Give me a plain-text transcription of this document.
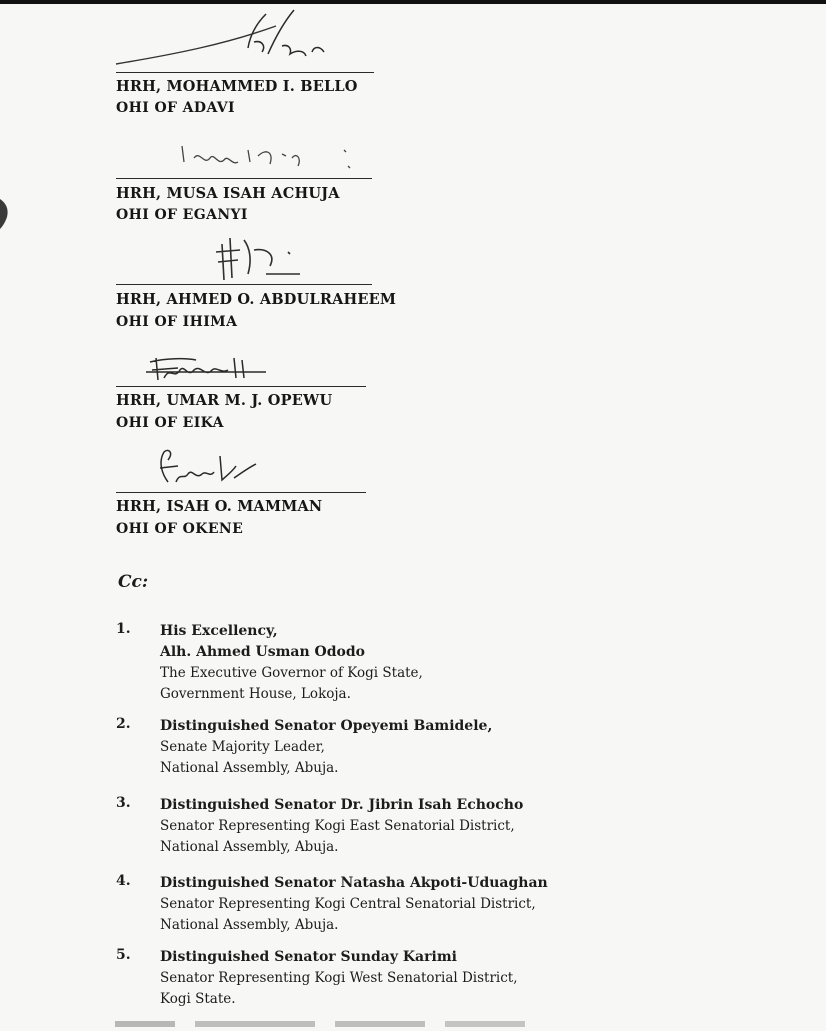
HRH, MOHAMMED I. BELLO
OHI OF ADAVI
HRH, MUSA ISAH ACHUJA
OHI OF EGANYI
HRH, AHMED O. ABDULRAHEEM
OHI OF IHIMA
HRH, UMAR M. J. OPEWU
OHI OF EIKA
HRH, ISAH O. MAMMAN
OHI OF OKENE
Cc:
1. His Excellency,
Alh. Ahmed Usman Ododo
The Executive Governor of Kogi State,
Government House, Lokoja.
2. Distinguished Senator Opeyemi Bamidele,
Senate Majority Leader,
National Assembly, Abuja.
3. Distinguished Senator Dr. Jibrin Isah Echocho
Senator Representing Kogi East Senatorial District,
National Assembly, Abuja.
4. Distinguished Senator Natasha Akpoti-Uduaghan
Senator Representing Kogi Central Senatorial District,
National Assembly, Abuja.
5. Distinguished Senator Sunday Karimi
Senator Representing Kogi West Senatorial District,
Kogi State.
